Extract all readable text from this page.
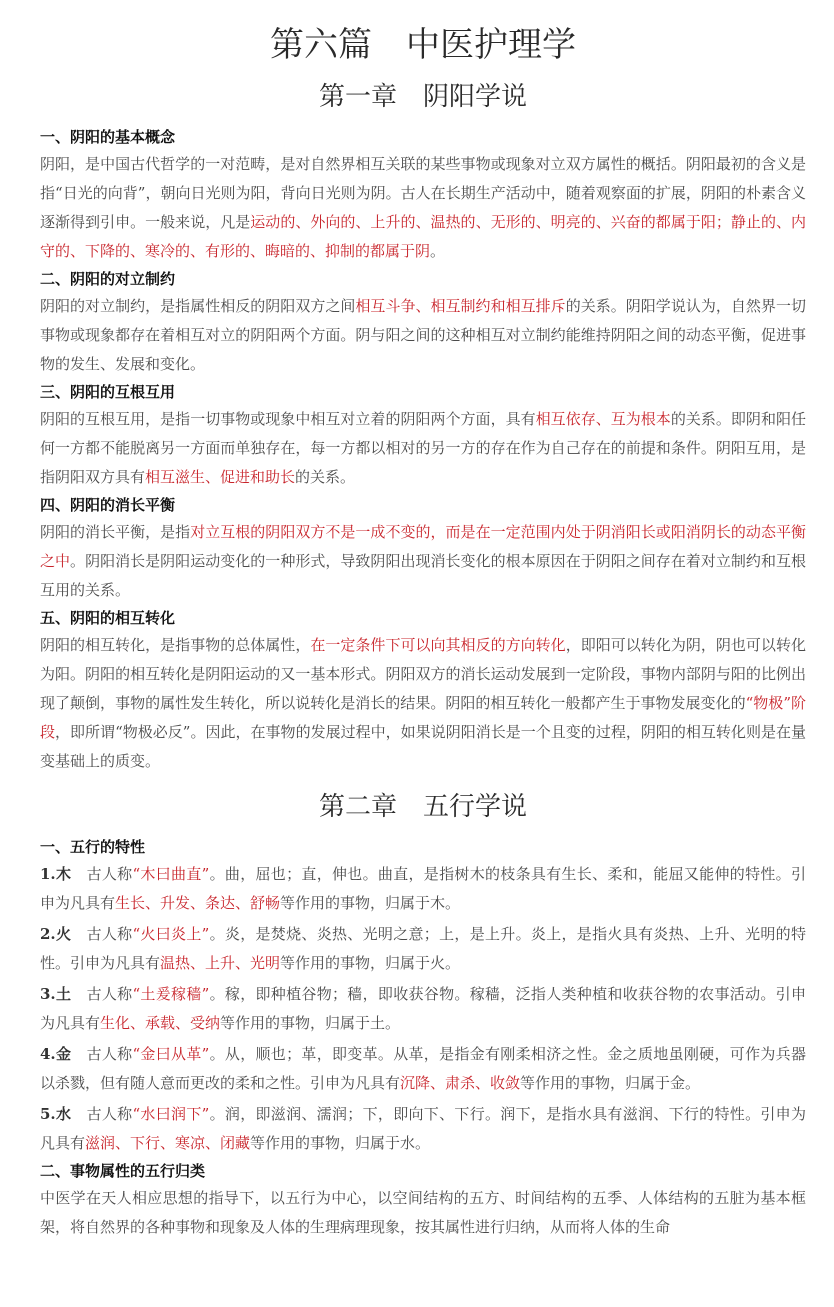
第六篇　中医护理学
第一章　阴阳学说
一、阴阳的基本概念

阴阳，是中国古代哲学的一对范畴，是对自然界相互关联的某些事物或现象对立双方属性的概括。阴阳最初的含义是指“日光的向背”，朝向日光则为阳，背向日光则为阴。古人在长期生产活动中，随着观察面的扩展，阴阳的朴素含义逐渐得到引申。一般来说，凡是运动的、外向的、上升的、温热的、无形的、明亮的、兴奋的都属于阳；静止的、内守的、下降的、寒冷的、有形的、晦暗的、抑制的都属于阴。

二、阴阳的对立制约

阴阳的对立制约，是指属性相反的阴阳双方之间相互斗争、相互制约和相互排斥的关系。阴阳学说认为，自然界一切事物或现象都存在着相互对立的阴阳两个方面。阴与阳之间的这种相互对立制约能维持阴阳之间的动态平衡，促进事物的发生、发展和变化。

三、阴阳的互根互用

阴阳的互根互用，是指一切事物或现象中相互对立着的阴阳两个方面，具有相互依存、互为根本的关系。即阴和阳任何一方都不能脱离另一方面而单独存在，每一方都以相对的另一方的存在作为自己存在的前提和条件。阴阳互用，是指阴阳双方具有相互滋生、促进和助长的关系。

四、阴阳的消长平衡

阴阳的消长平衡，是指对立互根的阴阳双方不是一成不变的，而是在一定范围内处于阴消阳长或阳消阴长的动态平衡之中。阴阳消长是阴阳运动变化的一种形式，导致阴阳出现消长变化的根本原因在于阴阳之间存在着对立制约和互根互用的关系。

五、阴阳的相互转化

阴阳的相互转化，是指事物的总体属性，在一定条件下可以向其相反的方向转化，即阳可以转化为阴，阴也可以转化为阳。阴阳的相互转化是阴阳运动的又一基本形式。阴阳双方的消长运动发展到一定阶段，事物内部阴与阳的比例出现了颠倒，事物的属性发生转化，所以说转化是消长的结果。阴阳的相互转化一般都产生于事物发展变化的“物极”阶段，即所谓“物极必反”。因此，在事物的发展过程中，如果说阴阳消长是一个且变的过程，阴阳的相互转化则是在量变基础上的质变。

第二章　五行学说
一、五行的特性

1.木　古人称“木曰曲直”。曲，屈也；直，伸也。曲直，是指树木的枝条具有生长、柔和，能屈又能伸的特性。引申为凡具有生长、升发、条达、舒畅等作用的事物，归属于木。

2.火　古人称“火曰炎上”。炎，是焚烧、炎热、光明之意；上，是上升。炎上，是指火具有炎热、上升、光明的特性。引申为凡具有温热、上升、光明等作用的事物，归属于火。

3.土　古人称“土爰稼穑”。稼，即种植谷物；穑，即收获谷物。稼穑，泛指人类种植和收获谷物的农事活动。引申为凡具有生化、承载、受纳等作用的事物，归属于土。

4.金　古人称“金曰从革”。从，顺也；革，即变革。从革，是指金有刚柔相济之性。金之质地虽刚硬，可作为兵器以杀戮，但有随人意而更改的柔和之性。引申为凡具有沉降、肃杀、收敛等作用的事物，归属于金。

5.水　古人称“水曰润下”。润，即滋润、濡润；下，即向下、下行。润下，是指水具有滋润、下行的特性。引申为凡具有滋润、下行、寒凉、闭藏等作用的事物，归属于水。

二、事物属性的五行归类

中医学在天人相应思想的指导下，以五行为中心，以空间结构的五方、时间结构的五季、人体结构的五脏为基本框架，将自然界的各种事物和现象及人体的生理病理现象，按其属性进行归纳，从而将人体的生命
